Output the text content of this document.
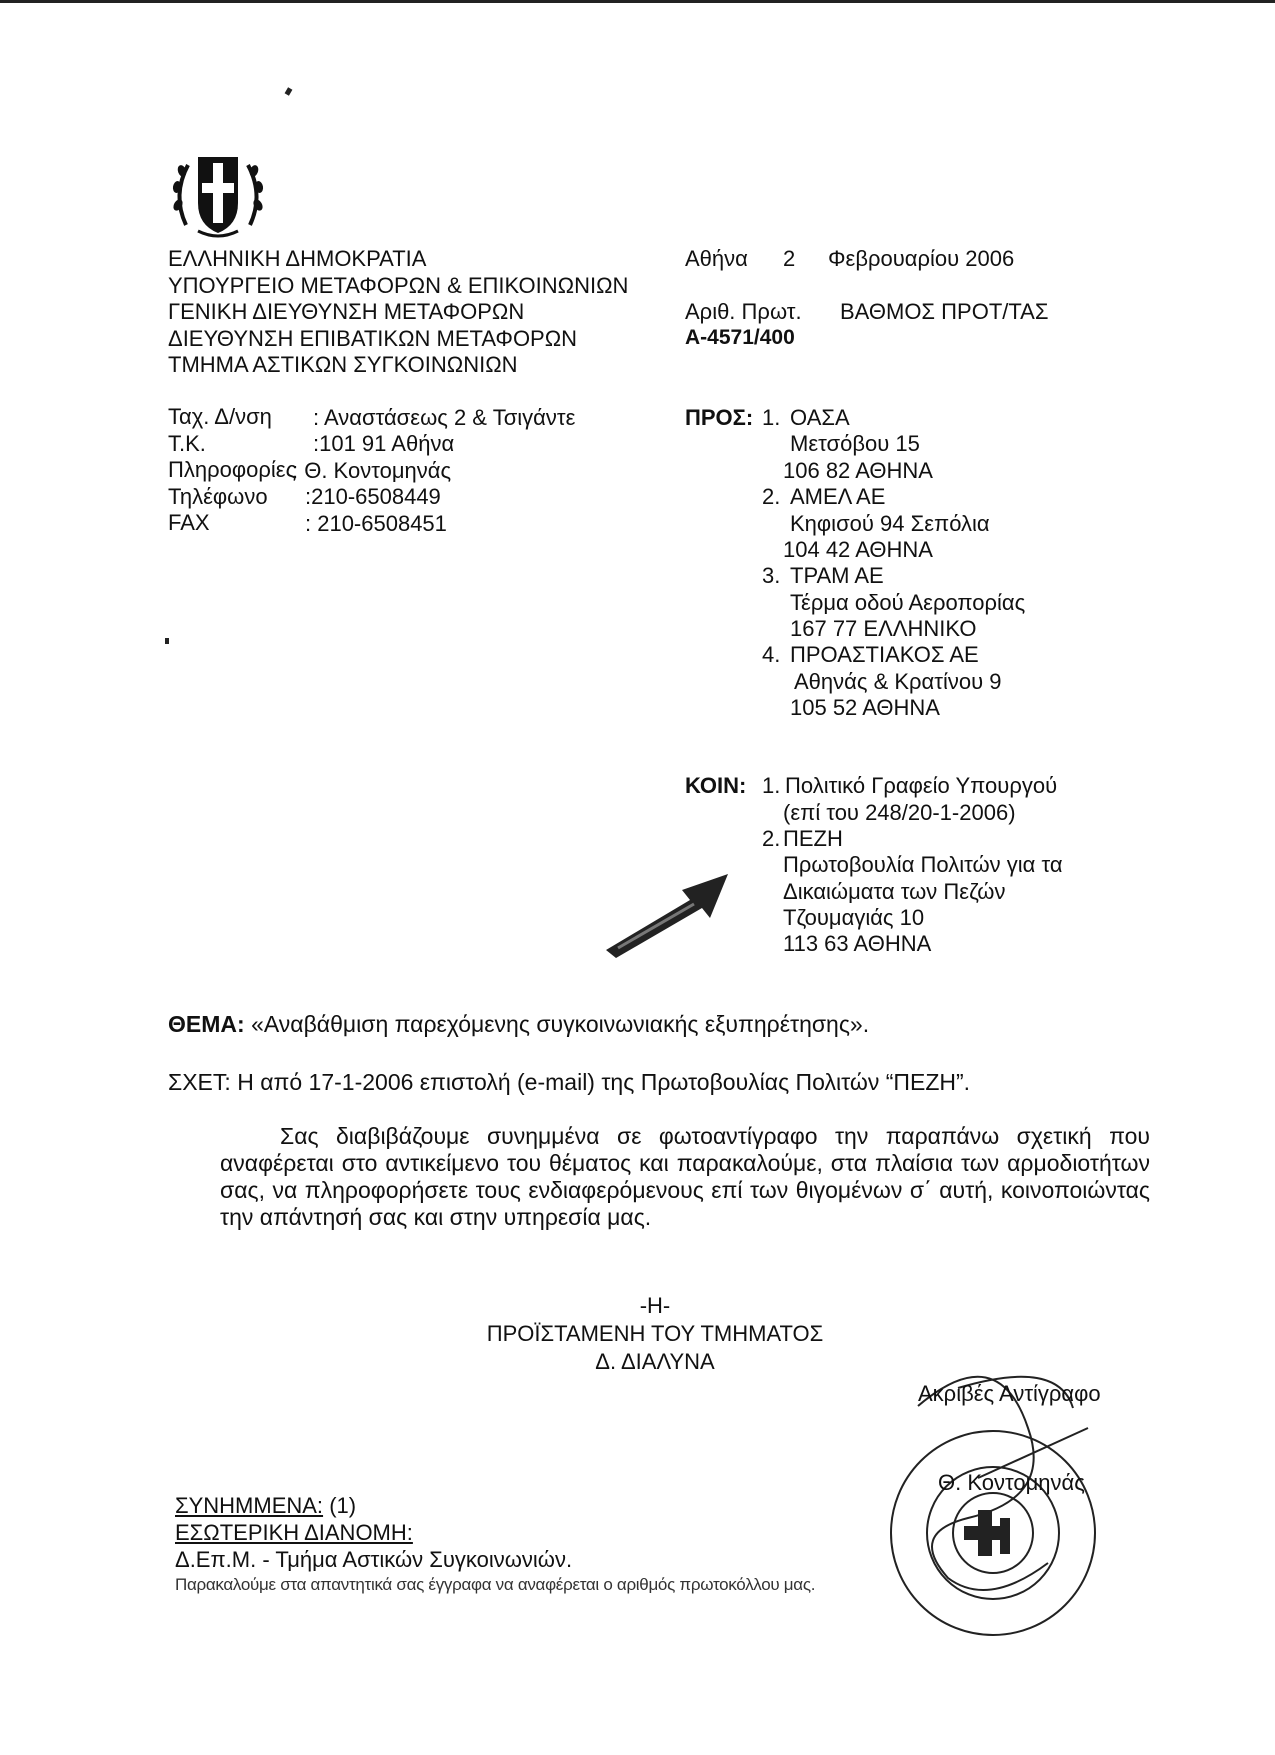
ΕΛΛΗΝΙΚΗ ΔΗΜΟΚΡΑΤΙΑ
ΥΠΟΥΡΓΕΙΟ ΜΕΤΑΦΟΡΩΝ & ΕΠΙΚΟΙΝΩΝΙΩΝ
ΓΕΝΙΚΗ ΔΙΕΥΘΥΝΣΗ ΜΕΤΑΦΟΡΩΝ
ΔΙΕΥΘΥΝΣΗ ΕΠΙΒΑΤΙΚΩΝ ΜΕΤΑΦΟΡΩΝ
ΤΜΗΜΑ ΑΣΤΙΚΩΝ ΣΥΓΚΟΙΝΩΝΙΩΝ
Αθήνα 2 Φεβρουαρίου 2006
Αριθ. Πρωτ. ΒΑΘΜΟΣ ΠΡΟΤ/ΤΑΣ
Α-4571/400
Ταχ. Δ/νση
Τ.Κ.
Πληροφορίες
Τηλέφωνο
FAX
: Αναστάσεως 2 & Τσιγάντε
:101 91 Αθήνα
: Θ. Κοντομηνάς
:210-6508449
: 210-6508451
ΠΡΟΣ: 1. ΟΑΣΑ
Μετσόβου 15
106 82 ΑΘΗΝΑ
2. ΑΜΕΛ ΑΕ
Κηφισού 94 Σεπόλια
104 42 ΑΘΗΝΑ
3. ΤΡΑΜ ΑΕ
Τέρμα οδού Αεροπορίας
167 77 ΕΛΛΗΝΙΚΟ
4. ΠΡΟΑΣΤΙΑΚΟΣ ΑΕ
Αθηνάς & Κρατίνου 9
105 52 ΑΘΗΝΑ
ΚΟΙΝ: 1. Πολιτικό Γραφείο Υπουργού
(επί του 248/20-1-2006)
2. ΠΕΖΗ
Πρωτοβουλία Πολιτών για τα
Δικαιώματα των Πεζών
Τζουμαγιάς 10
113 63 ΑΘΗΝΑ
ΘΕΜΑ: «Αναβάθμιση παρεχόμενης συγκοινωνιακής εξυπηρέτησης».
ΣΧΕΤ: Η από 17-1-2006 επιστολή (e-mail) της Πρωτοβουλίας Πολιτών “ΠΕΖΗ”.
Σας διαβιβάζουμε συνημμένα σε φωτοαντίγραφο την παραπάνω σχετική που αναφέρεται στο αντικείμενο του θέματος και παρακαλούμε, στα πλαίσια των αρμοδιοτήτων σας, να πληροφορήσετε τους ενδιαφερόμενους επί των θιγομένων σ΄ αυτή, κοινοποιώντας την απάντησή σας και στην υπηρεσία μας.
-Η-
ΠΡΟΪΣΤΑΜΕΝΗ ΤΟΥ ΤΜΗΜΑΤΟΣ
Δ. ΔΙΑΛΥΝΑ
Ακριβές Αντίγραφο
Θ. Κοντομηνάς
ΣΥΝΗΜΜΕΝΑ: (1)
ΕΣΩΤΕΡΙΚΗ ΔΙΑΝΟΜΗ:
Δ.Επ.Μ. - Τμήμα Αστικών Συγκοινωνιών.
Παρακαλούμε στα απαντητικά σας έγγραφα να αναφέρεται ο αριθμός πρωτοκόλλου μας.
